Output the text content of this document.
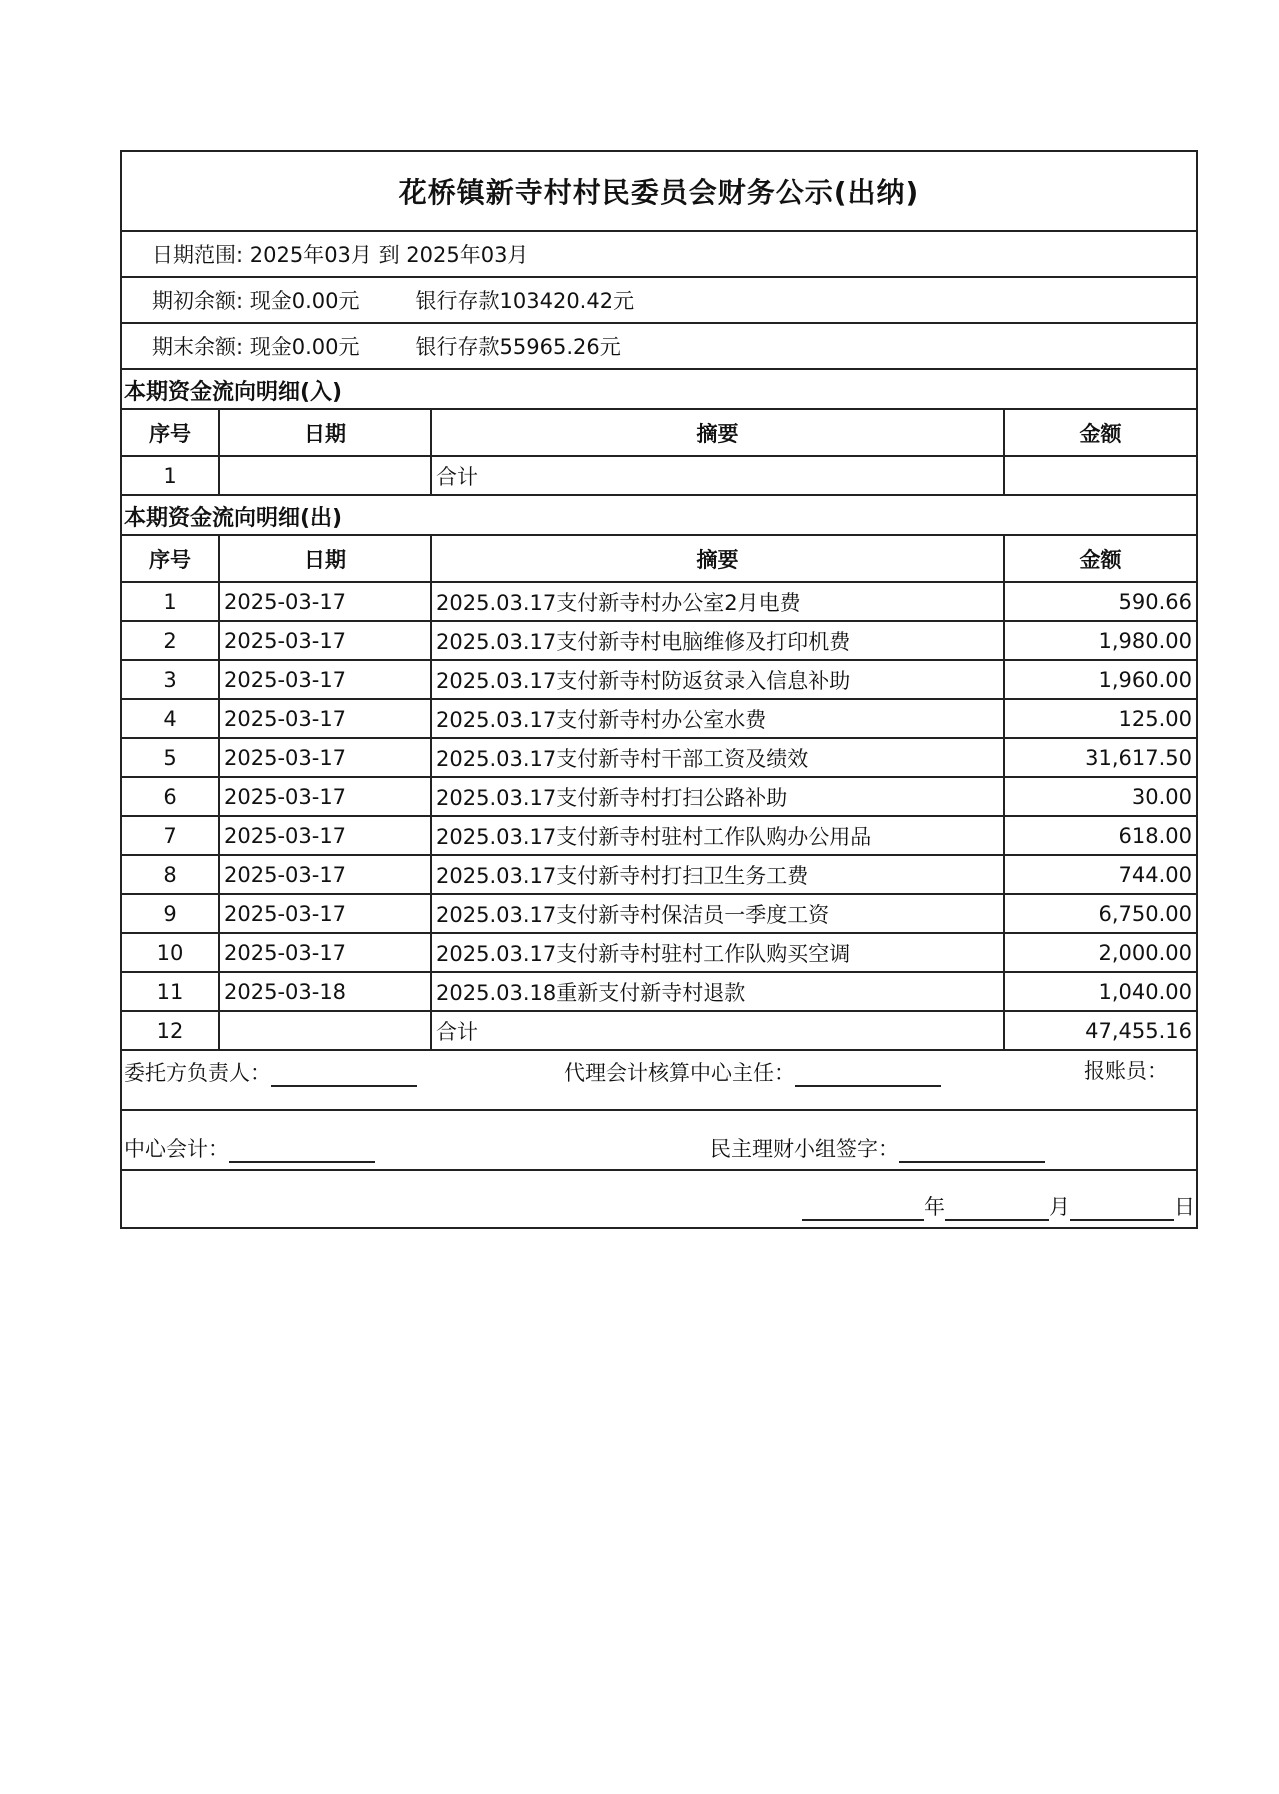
花桥镇新寺村村民委员会财务公示(出纳)
日期范围: 2025年03月 到 2025年03月
期初余额: 现金0.00元	银行存款103420.42元
期末余额: 现金0.00元	银行存款55965.26元
本期资金流向明细(入)
序号	日期	摘要	金额
1		合计	
本期资金流向明细(出)
序号	日期	摘要	金额
1	2025-03-17	2025.03.17支付新寺村办公室2月电费	590.66
2	2025-03-17	2025.03.17支付新寺村电脑维修及打印机费	1,980.00
3	2025-03-17	2025.03.17支付新寺村防返贫录入信息补助	1,960.00
4	2025-03-17	2025.03.17支付新寺村办公室水费	125.00
5	2025-03-17	2025.03.17支付新寺村干部工资及绩效	31,617.50
6	2025-03-17	2025.03.17支付新寺村打扫公路补助	30.00
7	2025-03-17	2025.03.17支付新寺村驻村工作队购办公用品	618.00
8	2025-03-17	2025.03.17支付新寺村打扫卫生务工费	744.00
9	2025-03-17	2025.03.17支付新寺村保洁员一季度工资	6,750.00
10	2025-03-17	2025.03.17支付新寺村驻村工作队购买空调	2,000.00
11	2025-03-18	2025.03.18重新支付新寺村退款	1,040.00
12		合计	47,455.16
委托方负责人：	代理会计核算中心主任：	报账员：
中心会计：	民主理财小组签字：
年	月	日
